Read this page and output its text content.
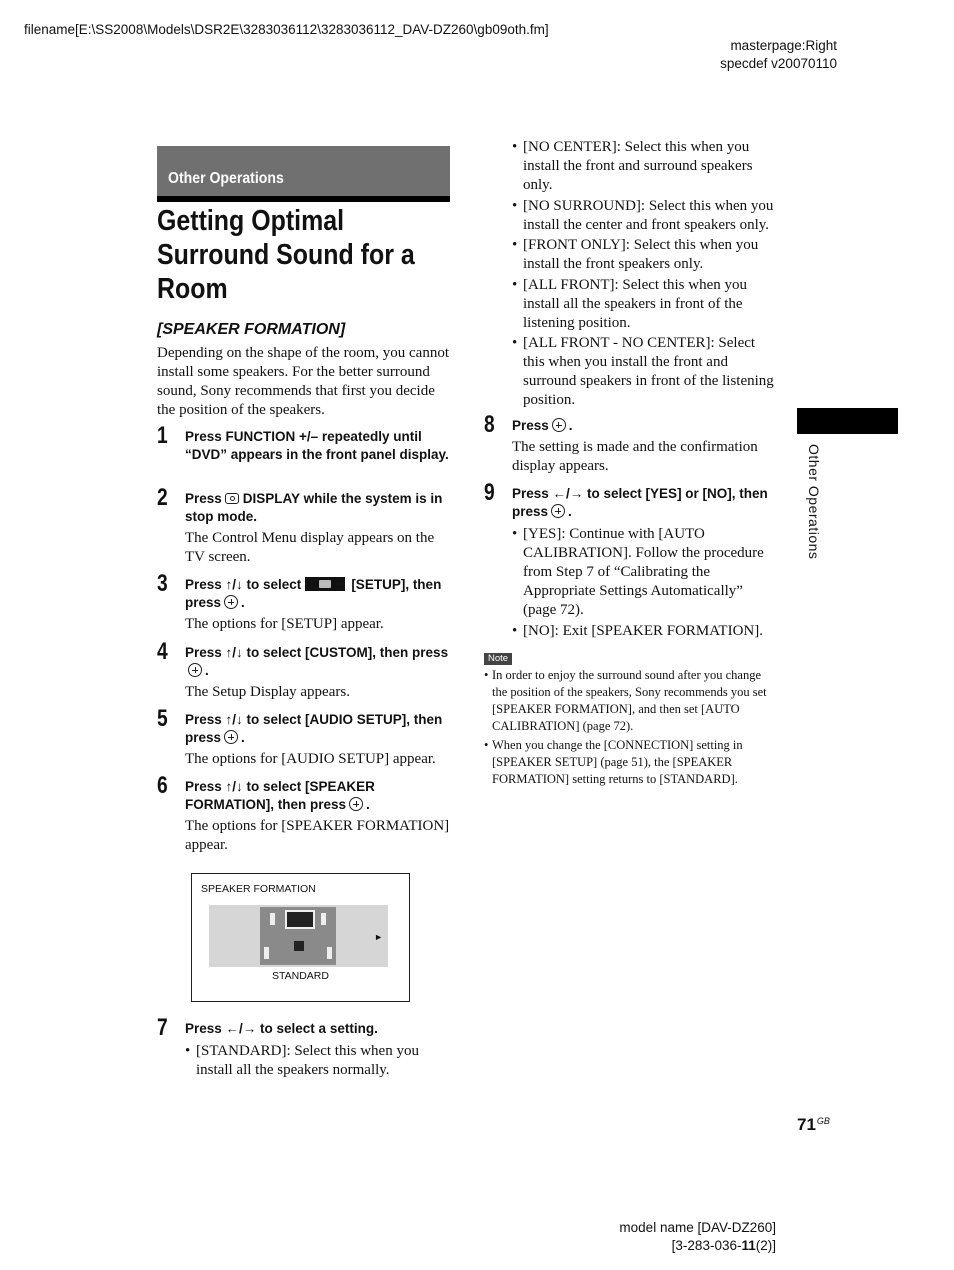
filename[E:\SS2008\Models\DSR2E\3283036112\3283036112_DAV-DZ260\gb09oth.fm]
masterpage:Right
specdef v20070110
Other Operations
Getting Optimal
Surround Sound for a
Room
[SPEAKER FORMATION]
Depending on the shape of the room, you cannot install some speakers. For the better surround sound, Sony recommends that first you decide the position of the speakers.
1 Press FUNCTION +/– repeatedly until “DVD” appears in the front panel display.
2 Press DISPLAY while the system is in stop mode.
The Control Menu display appears on the TV screen.
3 Press ↑/↓ to select	[SETUP], then press .
The options for [SETUP] appear.
4 Press ↑/↓ to select [CUSTOM], then press.
The Setup Display appears.
5 Press ↑/↓ to select [AUDIO SETUP], then press .
The options for [AUDIO SETUP] appear.
6 Press ↑/↓ to select [SPEAKER FORMATION], then press .
The options for [SPEAKER FORMATION] appear.
SPEAKER FORMATION
►
STANDARD
7 Press ←/→ to select a setting.
• [STANDARD]: Select this when you install all the speakers normally.
• [NO CENTER]: Select this when you install the front and surround speakers only.
• [NO SURROUND]: Select this when you install the center and front speakers only.
• [FRONT ONLY]: Select this when you install the front speakers only.
• [ALL FRONT]: Select this when you install all the speakers in front of the listening position.
• [ALL FRONT - NO CENTER]: Select this when you install the front and surround speakers in front of the listening position.
8 Press .
The setting is made and the confirmation display appears.
9 Press ←/→ to select [YES] or [NO], then press .
• [YES]: Continue with [AUTO CALIBRATION]. Follow the procedure from Step 7 of “Calibrating the Appropriate Settings Automatically” (page 72).
• [NO]: Exit [SPEAKER FORMATION].
Note
• In order to enjoy the surround sound after you change the position of the speakers, Sony recommends you set [SPEAKER FORMATION], and then set [AUTO CALIBRATION] (page 72).
• When you change the [CONNECTION] setting in [SPEAKER SETUP] (page 51), the [SPEAKER FORMATION] setting returns to [STANDARD].
Other Operations
$71^{GB}$
model name [DAV-DZ260]
[3-283-036-11(2)]
